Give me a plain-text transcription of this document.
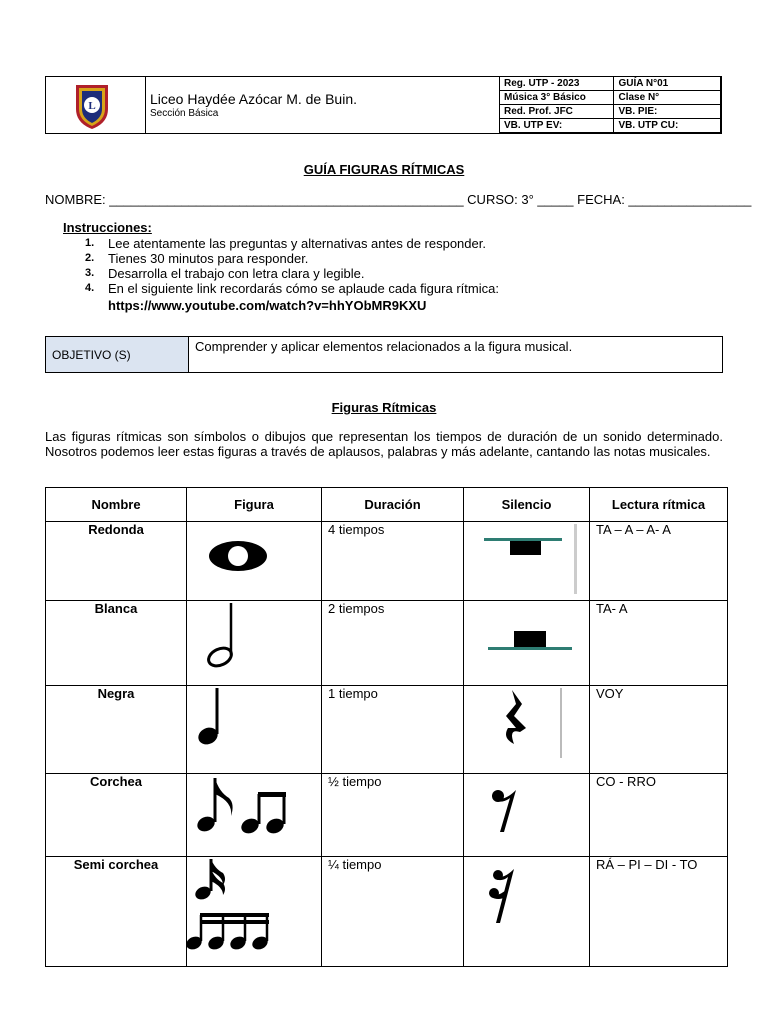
L	Liceo Haydée Azócar M. de Buin.
Sección Básica
Reg. UTP - 2023	GUÍA N°01
Música 3° Básico	Clase N°
Red. Prof. JFC	VB. PIE:
VB. UTP EV:	VB. UTP CU:
GUÍA FIGURAS RÍTMICAS
NOMBRE: _________________________________________________ CURSO: 3° _____ FECHA: _________________
Instrucciones:
1. Lee atentamente las preguntas y alternativas antes de responder.
2. Tienes 30 minutos para responder.
3. Desarrolla el trabajo con letra clara y legible.
4. En el siguiente link recordarás cómo se aplaude cada figura rítmica:
https://www.youtube.com/watch?v=hhYObMR9KXU
OBJETIVO (S)
Comprender y aplicar elementos relacionados a la figura musical.
Figuras Rítmicas
Las figuras rítmicas son símbolos o dibujos que representan los tiempos de duración de un sonido determinado. Nosotros podemos leer estas figuras a través de aplausos, palabras y más adelante, cantando las notas musicales.
Nombre	Figura	Duración	Silencio	Lectura rítmica
Redonda		4 tiempos		TA – A – A- A
Blanca		2 tiempos		TA- A
Negra		1 tiempo		VOY
Corchea		½ tiempo		CO - RRO
Semi corchea		¼ tiempo		RÁ – PI – DI - TO
